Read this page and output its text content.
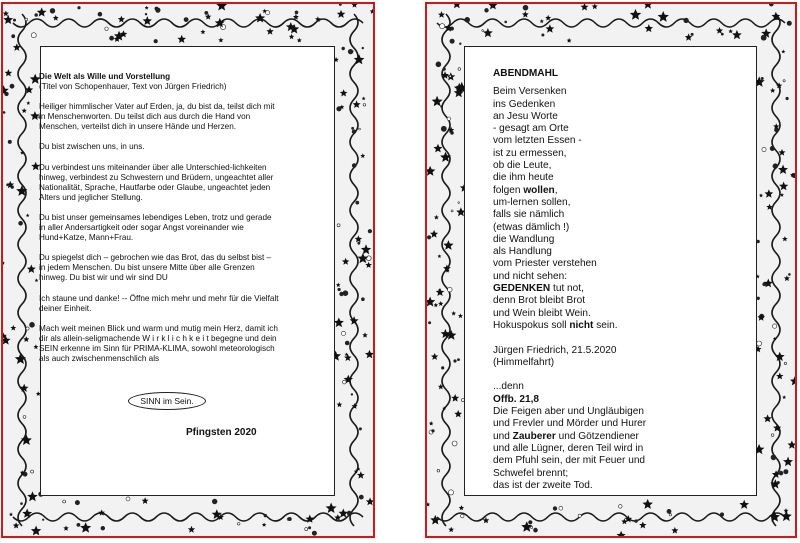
Die Welt als Wille und Vorstellung

(Titel von Schopenhauer, Text von Jürgen Friedrich)

Heiliger himmlischer Vater auf Erden, ja, du bist da, teilst dich mit in Menschenworten. Du teilst dich aus durch die Hand von Menschen, verteilst dich in unsere Hände und Herzen.

Du bist zwischen uns, in uns.

Du verbindest uns miteinander über alle Unterschied-lichkeiten hinweg, verbindest zu Schwestern und Brüdern, ungeachtet aller Nationalität, Sprache, Hautfarbe oder Glaube, ungeachtet jeden Alters und jeglicher Stellung.

Du bist unser gemeinsames lebendiges Leben, trotz und gerade in aller Andersartigkeit oder sogar Angst voreinander wie Hund+Katze, Mann+Frau.

Du spiegelst dich – gebrochen wie das Brot, das du selbst bist – in jedem Menschen. Du bist unsere Mitte über alle Grenzen hinweg. Du bist wir und wir sind DU

Ich staune und danke! -- Öffne mich mehr und mehr für die Vielfalt deiner Einheit.

Mach weit meinen Blick und warm und mutig mein Herz, damit ich dir als allein-seligmachende W i r k l i c h k e i t begegne und dein SEIN erkenne im Sinn für PRIMA-KLIMA, sowohl meteorologisch als auch zwischenmenschlich als

SINN im Sein.
Pfingsten 2020
ABENDMAHL
Beim Versenken
ins Gedenken
an Jesu Worte
- gesagt am Orte
vom letzten Essen -
ist zu ermessen,
ob die Leute,
die ihm heute
folgen wollen,
um-lernen sollen,
falls sie nämlich
(etwas dämlich !)
die Wandlung
als Handlung
vom Priester verstehen
und nicht sehen:
GEDENKEN tut not,
denn Brot bleibt Brot
und Wein bleibt Wein.
Hokuspokus soll nicht sein.
Jürgen Friedrich, 21.5.2020
(Himmelfahrt)
...denn
Offb. 21,8
Die Feigen aber und Ungläubigen
und Frevler und Mörder und Hurer
und Zauberer und Götzendiener
und alle Lügner, deren Teil wird in
dem Pfuhl sein, der mit Feuer und
Schwefel brennt;
das ist der zweite Tod.
